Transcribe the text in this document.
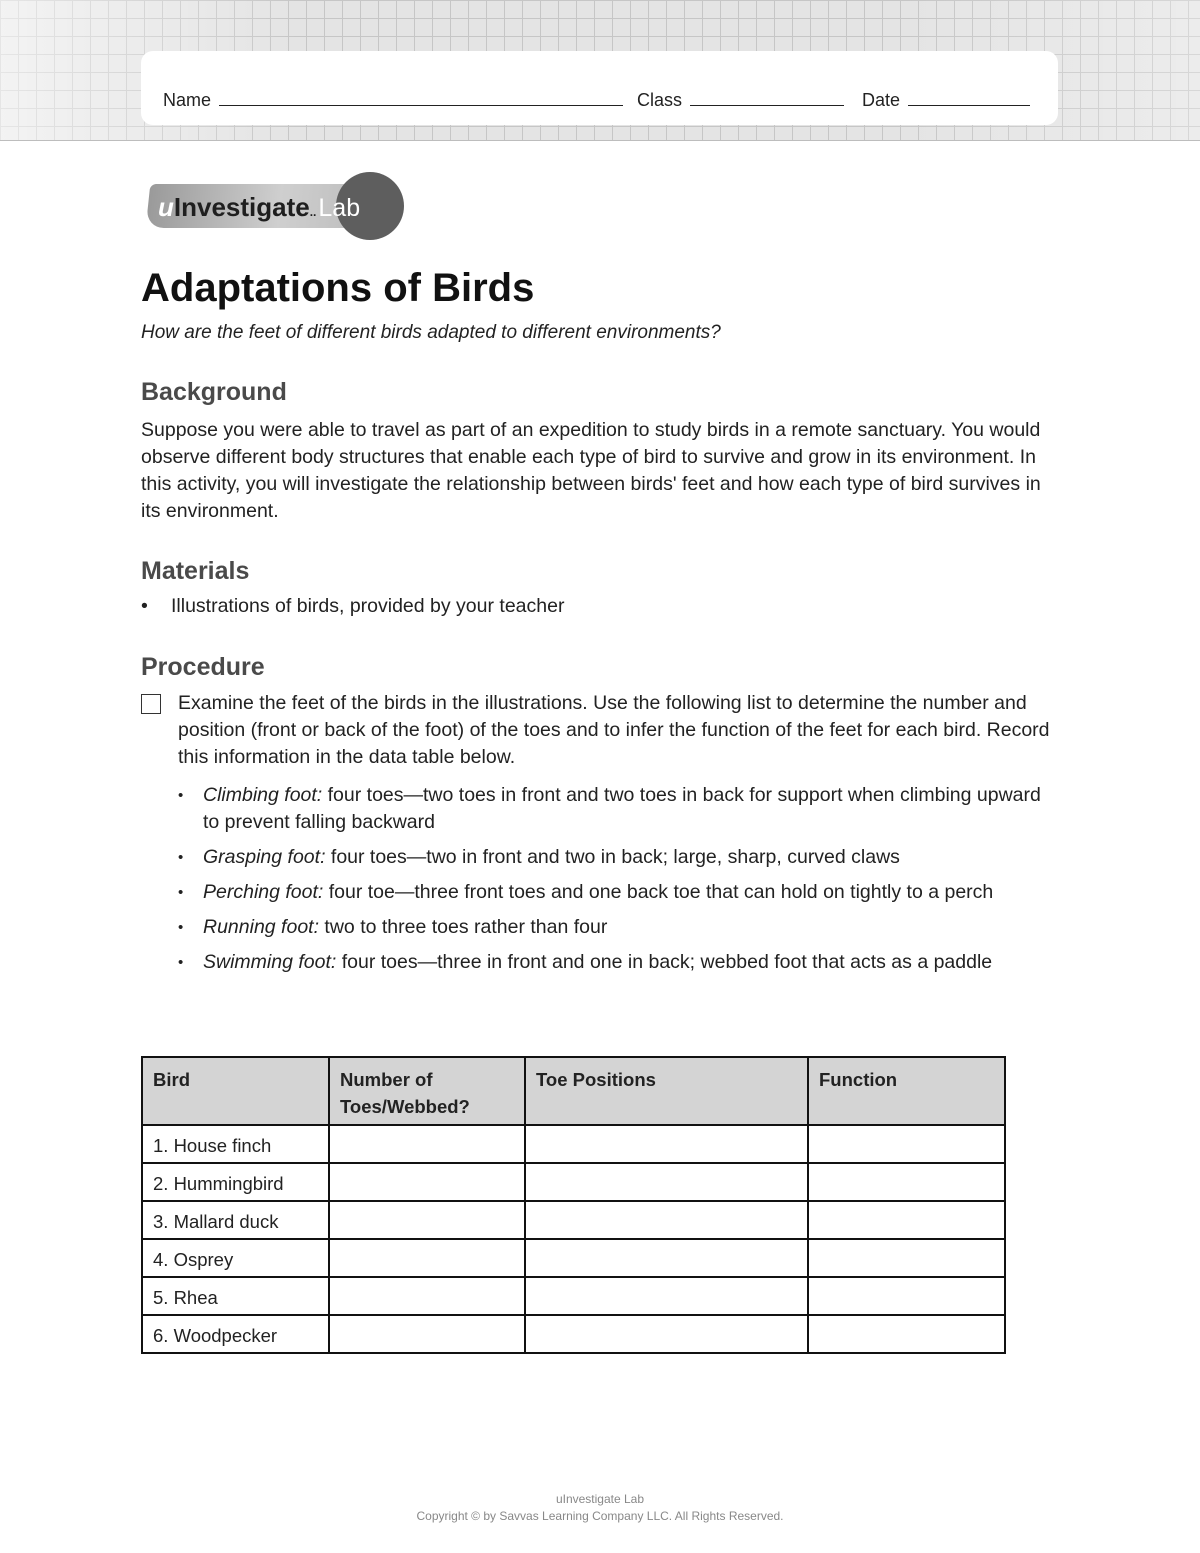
Name	Class	Date
uInvestigate..Lab
Adaptations of Birds

How are the feet of different birds adapted to different environments?

Background

Suppose you were able to travel as part of an expedition to study birds in a remote sanctuary. You would observe different body structures that enable each type of bird to survive and grow in its environment. In this activity, you will investigate the relationship between birds' feet and how each type of bird survives in its environment.

Materials
• Illustrations of birds, provided by your teacher
Procedure

Examine the feet of the birds in the illustrations. Use the following list to determine the number and position (front or back of the foot) of the toes and to infer the function of the feet for each bird. Record this information in the data table below.

• Climbing foot: four toes—two toes in front and two toes in back for support when climbing upward to prevent falling backward
• Grasping foot: four toes—two in front and two in back; large, sharp, curved claws
• Perching foot: four toe—three front toes and one back toe that can hold on tightly to a perch
• Running foot: two to three toes rather than four
• Swimming foot: four toes—three in front and one in back; webbed foot that acts as a paddle
Bird	Number of Toes/Webbed?	Toe Positions	Function
1. House finch			
2. Hummingbird			
3. Mallard duck			
4. Osprey			
5. Rhea			
6. Woodpecker			
uInvestigate Lab
Copyright © by Savvas Learning Company LLC. All Rights Reserved.
